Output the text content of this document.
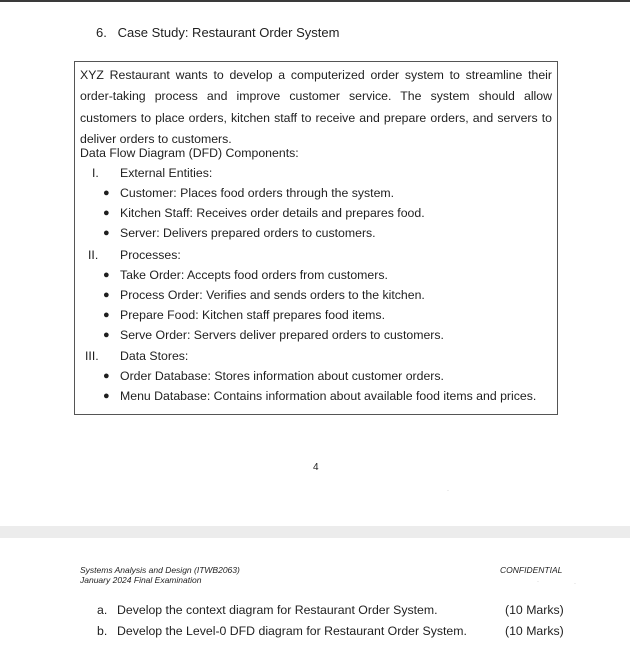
6. Case Study: Restaurant Order System
XYZ Restaurant wants to develop a computerized order system to streamline their order-taking process and improve customer service. The system should allow customers to place orders, kitchen staff to receive and prepare orders, and servers to deliver orders to customers.
Data Flow Diagram (DFD) Components:
I. External Entities:
● Customer: Places food orders through the system.
● Kitchen Staff: Receives order details and prepares food.
● Server: Delivers prepared orders to customers.
II. Processes:
● Take Order: Accepts food orders from customers.
● Process Order: Verifies and sends orders to the kitchen.
● Prepare Food: Kitchen staff prepares food items.
● Serve Order: Servers deliver prepared orders to customers.
III. Data Stores:
● Order Database: Stores information about customer orders.
● Menu Database: Contains information about available food items and prices.
4
·
Systems Analysis and Design (ITWB2063)
January 2024 Final Examination
CONFIDENTIAL
·	·
a. Develop the context diagram for Restaurant Order System.	(10 Marks)
b. Develop the Level-0 DFD diagram for Restaurant Order System.	(10 Marks)
